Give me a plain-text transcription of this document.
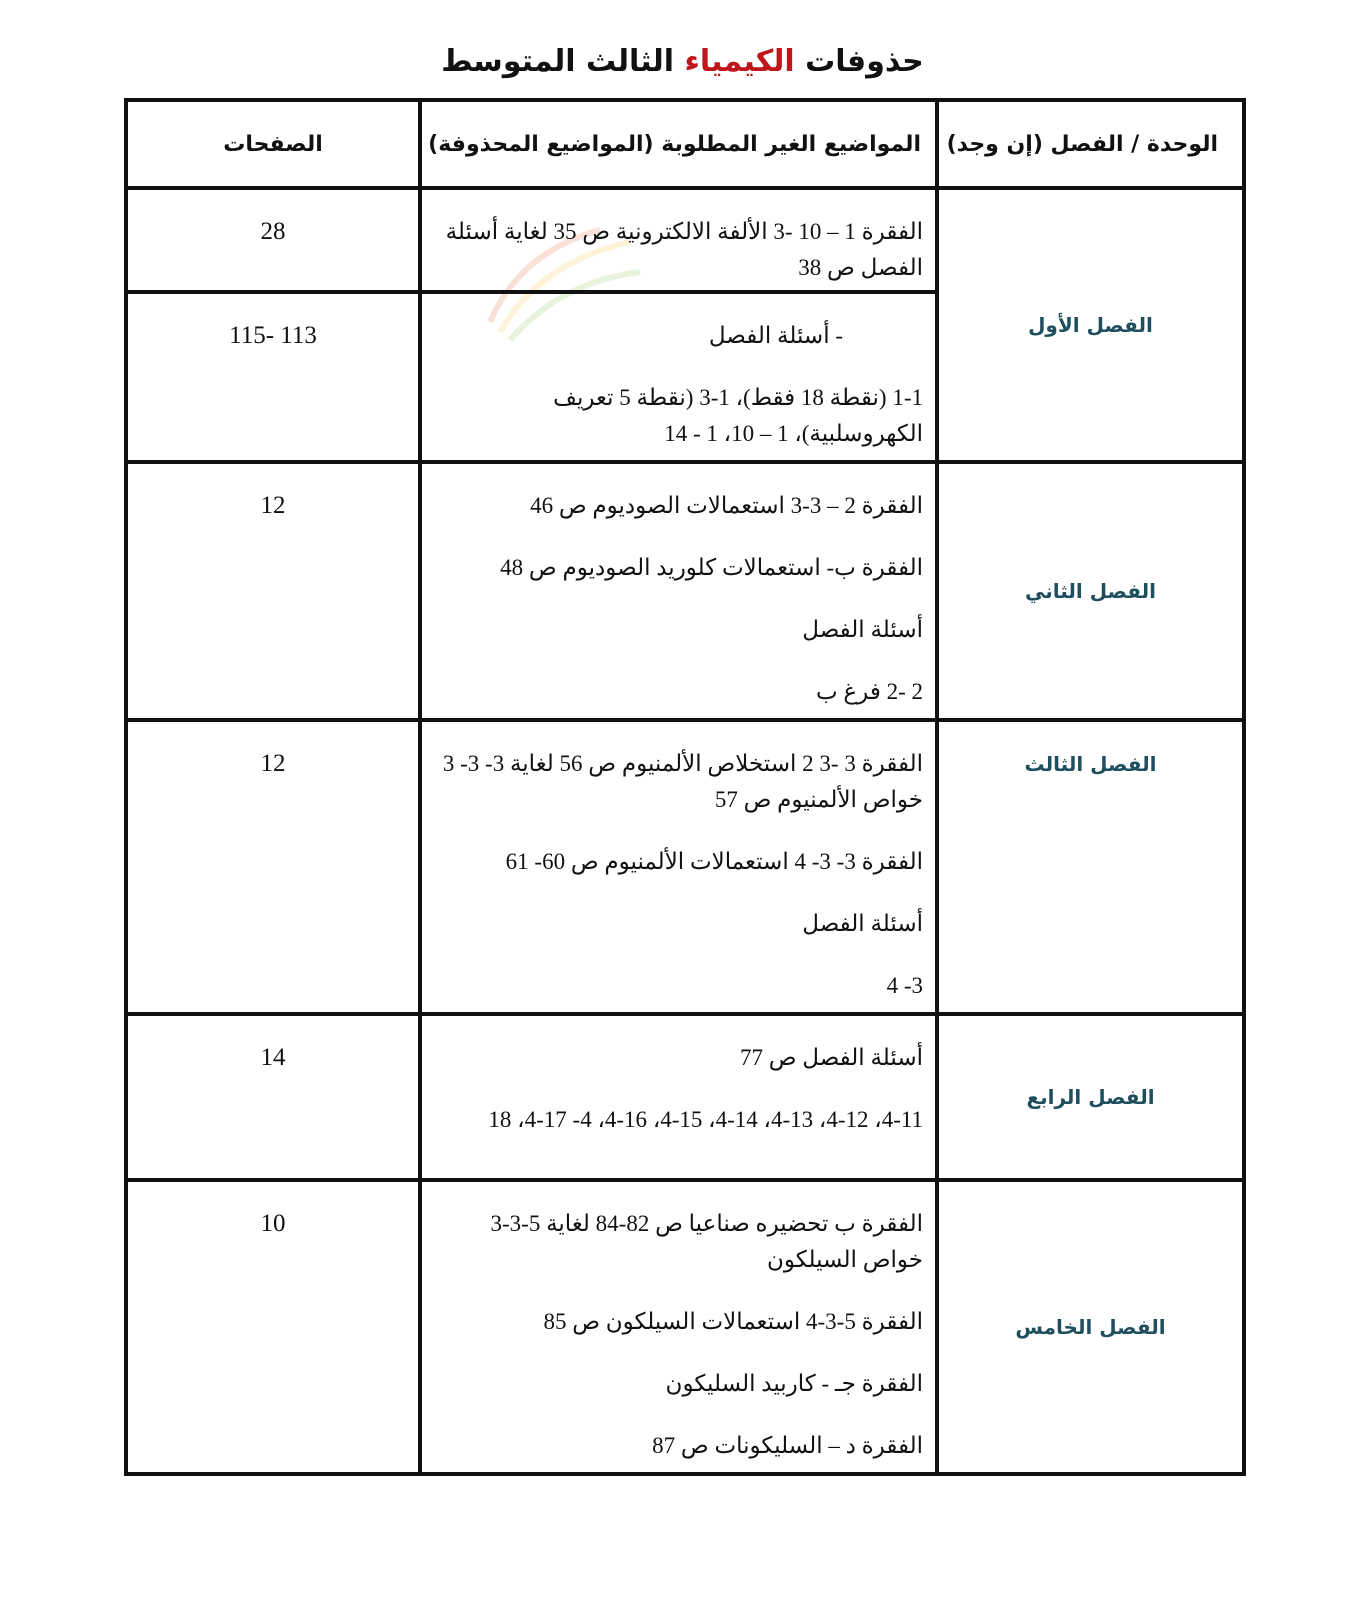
حذوفات الكيمياء الثالث المتوسط
الوحدة / الفصل (إن وجد)	المواضيع الغير المطلوبة (المواضيع المحذوفة)	الصفحات
الفصل الأول	الفقرة 1 – 10 -3 الألفة الالكترونية ص 35 لغاية أسئلة الفصل ص 38	28

	- أسئلة الفصل

1-1 (نقطة 18 فقط)، 1-3 (نقطة 5 تعريف الكهروسلبية)، 1 – 10، 1 - 14	113 -115
الفصل الثاني	الفقرة 2 – 3-3 استعمالات الصوديوم ص 46

الفقرة ب- استعمالات كلوريد الصوديوم ص 48

أسئلة الفصل

2 -2 فرغ ب	12
الفصل الثالث	الفقرة 3 -3 2 استخلاص الألمنيوم ص 56 لغاية 3- 3- 3 خواص الألمنيوم ص 57

الفقرة 3- 3- 4 استعمالات الألمنيوم ص 60- 61

أسئلة الفصل

3- 4	12
الفصل الرابع	أسئلة الفصل ص 77

4-11، 4-12، 4-13، 4-14، 4-15، 4-16، 4- 4-17، 18	14
الفصل الخامس	الفقرة ب تحضيره صناعيا ص 82-84 لغاية 5-3-3 خواص السيلكون

الفقرة 5-3-4 استعمالات السيلكون ص 85

الفقرة جـ - كاربيد السليكون

الفقرة د – السليكونات ص 87	10
